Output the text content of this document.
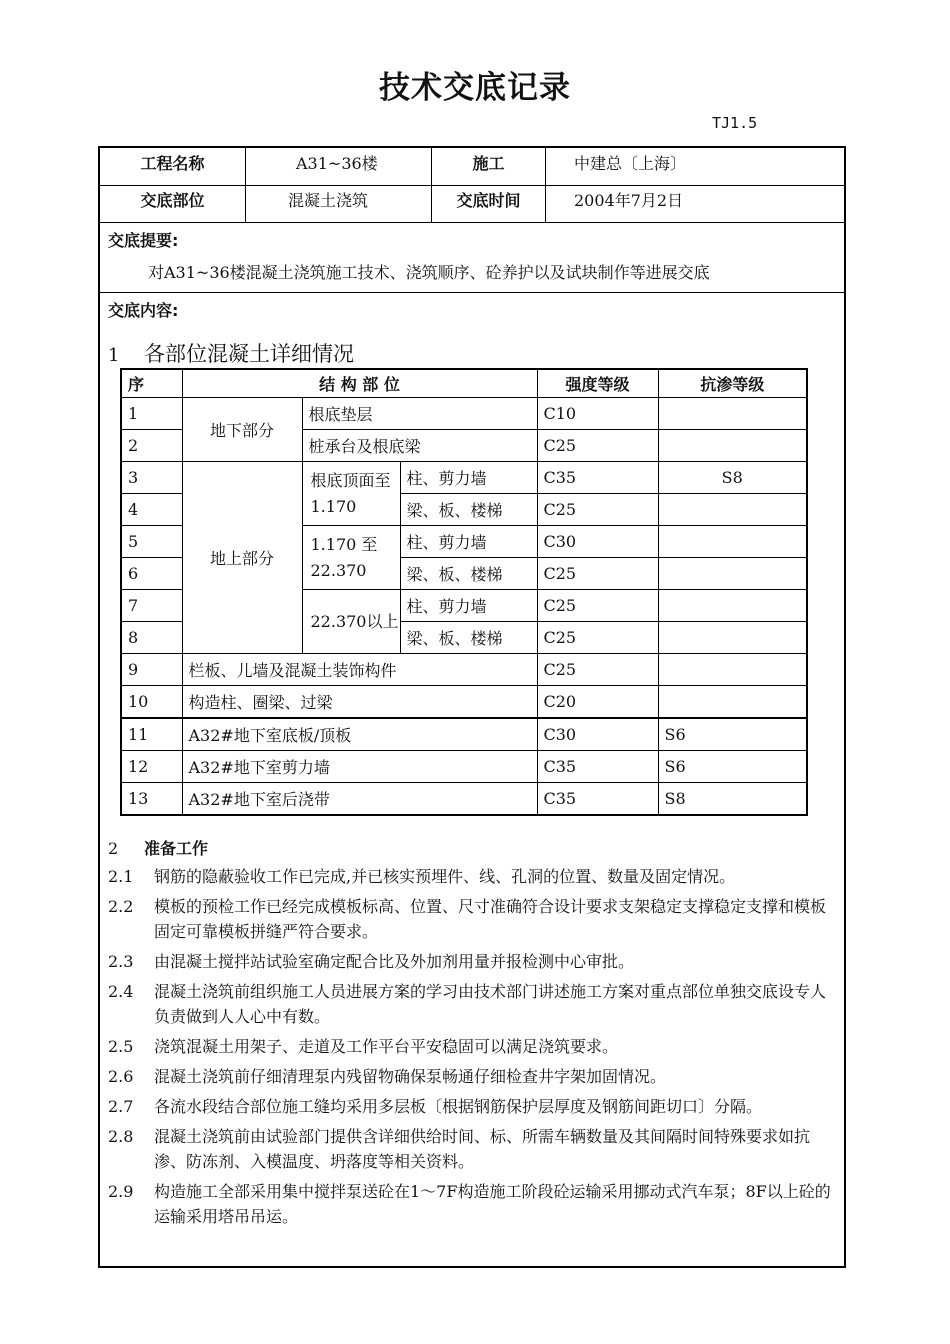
技术交底记录
TJ1.5
工程名称	A31~36楼	施工	中建总〔上海〕
交底部位	混凝土浇筑	交底时间	2004年7月2日
交底提要:
对A31~36楼混凝土浇筑施工技术、浇筑顺序、砼养护以及试块制作等进展交底
交底内容:
1 各部位混凝土详细情况
序	结 构 部 位			强度等级	抗渗等级
1	地下部分	根底垫层		C10	
2		桩承台及根底梁		C25	
3	地上部分	根底顶面至1.170	柱、剪力墙	C35	S8
4			梁、板、楼梯	C25	
5		1.170 至22.370	柱、剪力墙	C30	
6			梁、板、楼梯	C25	
7		22.370以上	柱、剪力墙	C25	
8			梁、板、楼梯	C25	
9	栏板、儿墙及混凝土装饰构件			C25	
10	构造柱、圈梁、过梁			C20	
11	A32#地下室底板/顶板			C30	S6
12	A32#地下室剪力墙			C35	S6
13	A32#地下室后浇带			C35	S8
2 准备工作
2.1	钢筋的隐蔽验收工作已完成,并已核实预埋件、线、孔洞的位置、数量及固定情况。
2.2	模板的预检工作已经完成模板标高、位置、尺寸准确符合设计要求支架稳定支撑稳定支撑和模板固定可靠模板拼缝严符合要求。
2.3	由混凝土搅拌站试验室确定配合比及外加剂用量并报检测中心审批。
2.4	混凝土浇筑前组织施工人员进展方案的学习由技术部门讲述施工方案对重点部位单独交底设专人负责做到人人心中有数。
2.5	浇筑混凝土用架子、走道及工作平台平安稳固可以满足浇筑要求。
2.6	混凝土浇筑前仔细清理泵内残留物确保泵畅通仔细检查井字架加固情况。
2.7	各流水段结合部位施工缝均采用多层板〔根据钢筋保护层厚度及钢筋间距切口〕分隔。
2.8	混凝土浇筑前由试验部门提供含详细供给时间、标、所需车辆数量及其间隔时间特殊要求如抗渗、防冻剂、入模温度、坍落度等相关资料。
2.9	构造施工全部采用集中搅拌泵送砼在1～7F构造施工阶段砼运输采用挪动式汽车泵；8F以上砼的运输采用塔吊吊运。
